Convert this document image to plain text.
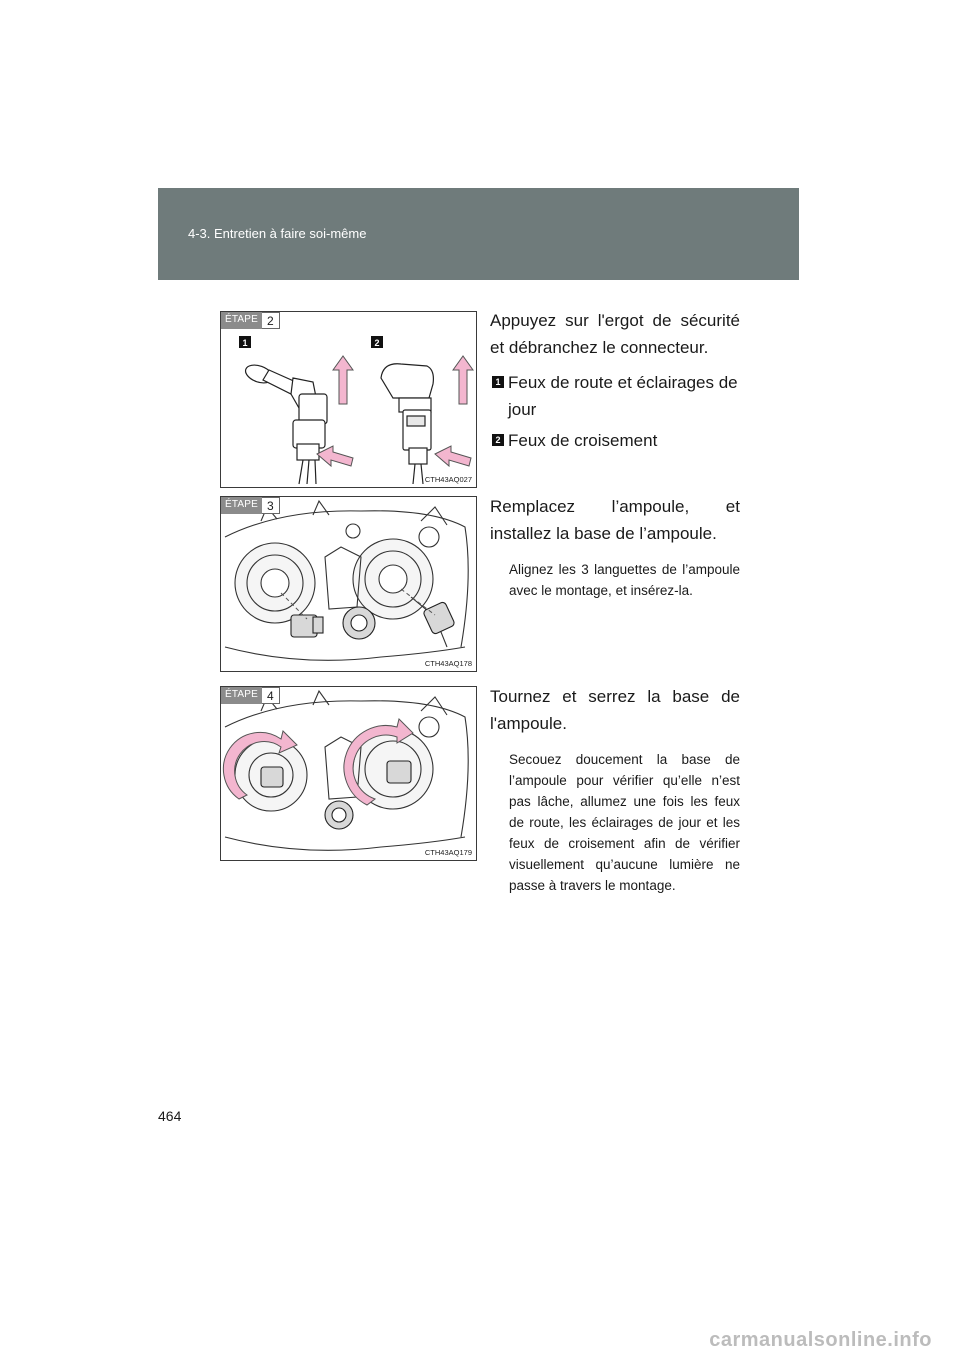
4-3. Entretien à faire soi-même
ÉTAPE 2
1	2
CTH43AQ027

Appuyez sur l'ergot de sécurité et débranchez le connecteur.

1 Feux de route et éclairages de jour
2 Feux de croisement
ÉTAPE 3
CTH43AQ178

Remplacez l’ampoule, et installez la base de l’ampoule.

Alignez les 3 languettes de l’ampoule avec le montage, et insérez-la.

ÉTAPE 4
CTH43AQ179

Tournez et serrez la base de l'ampoule.

Secouez doucement la base de l’ampoule pour vérifier qu’elle n’est pas lâche, allumez une fois les feux de route, les éclairages de jour et les feux de croisement afin de vérifier visuellement qu’aucune lumière ne passe à travers le montage.

464
carmanualsonline.info
